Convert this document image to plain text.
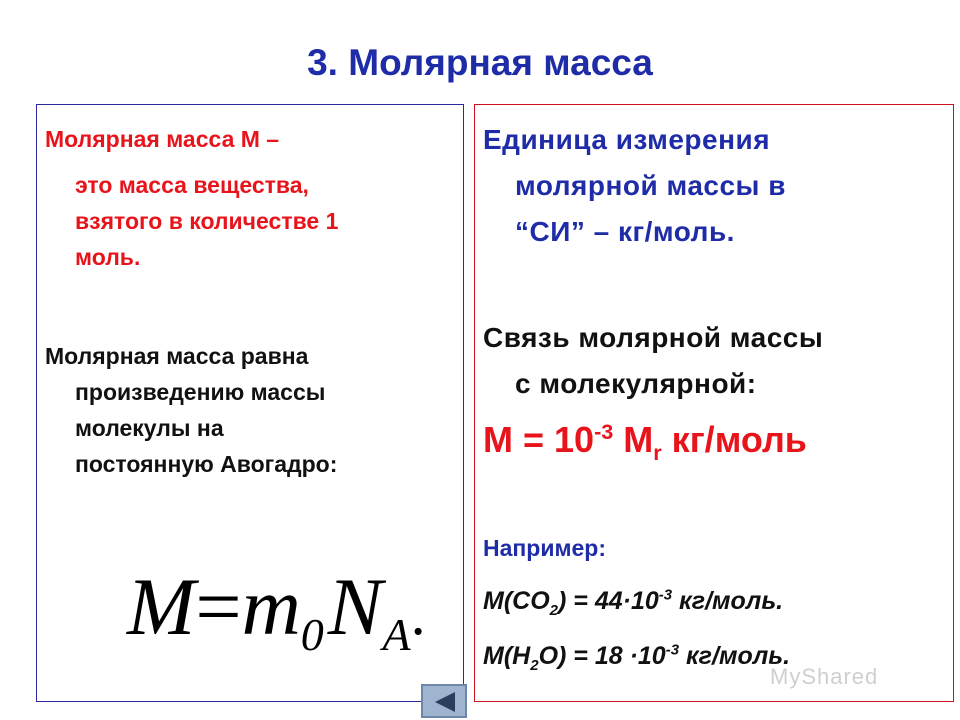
3. Молярная масса

Молярная масса М –

это масса вещества,

взятого в количестве 1

моль.

Молярная масса равна

произведению массы

молекулы на

постоянную Авогадро:

M=m0NA.

Единица измерения

молярной массы в

“СИ” – кг/моль.

Связь молярной массы

с молекулярной:

$М = 10^{-3}$ $М_r$ кг/моль

Например:

$M(CO_2) = 44\cdot 10^{-3}$ кг/моль.

$M(H_2O) = 18 \cdot 10^{-3}$ кг/моль.

MyShared
